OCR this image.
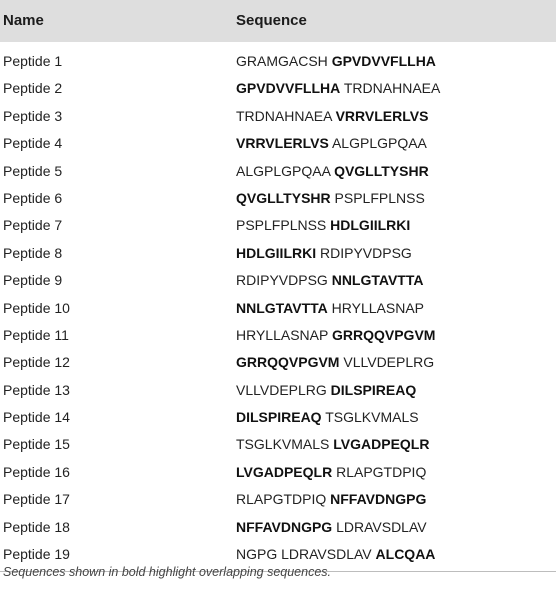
Name	Sequence
Peptide 1	GRAMGACSH GPVDVVFLLHA
Peptide 2	GPVDVVFLLHA TRDNAHNAEA
Peptide 3	TRDNAHNAEA VRRVLERLVS
Peptide 4	VRRVLERLVS ALGPLGPQAA
Peptide 5	ALGPLGPQAA QVGLLTYSHR
Peptide 6	QVGLLTYSHR PSPLFPLNSS
Peptide 7	PSPLFPLNSS HDLGIILRKI
Peptide 8	HDLGIILRKI RDIPYVDPSG
Peptide 9	RDIPYVDPSG NNLGTAVTTA
Peptide 10	NNLGTAVTTA HRYLLASNAP
Peptide 11	HRYLLASNAP GRRQQVPGVM
Peptide 12	GRRQQVPGVM VLLVDEPLRG
Peptide 13	VLLVDEPLRG DILSPIREAQ
Peptide 14	DILSPIREAQ TSGLKVMALS
Peptide 15	TSGLKVMALS LVGADPEQLR
Peptide 16	LVGADPEQLR RLAPGTDPIQ
Peptide 17	RLAPGTDPIQ NFFAVDNGPG
Peptide 18	NFFAVDNGPG LDRAVSDLAV
Peptide 19	NGPG LDRAVSDLAV ALCQAA
Sequences shown in bold highlight overlapping sequences.
